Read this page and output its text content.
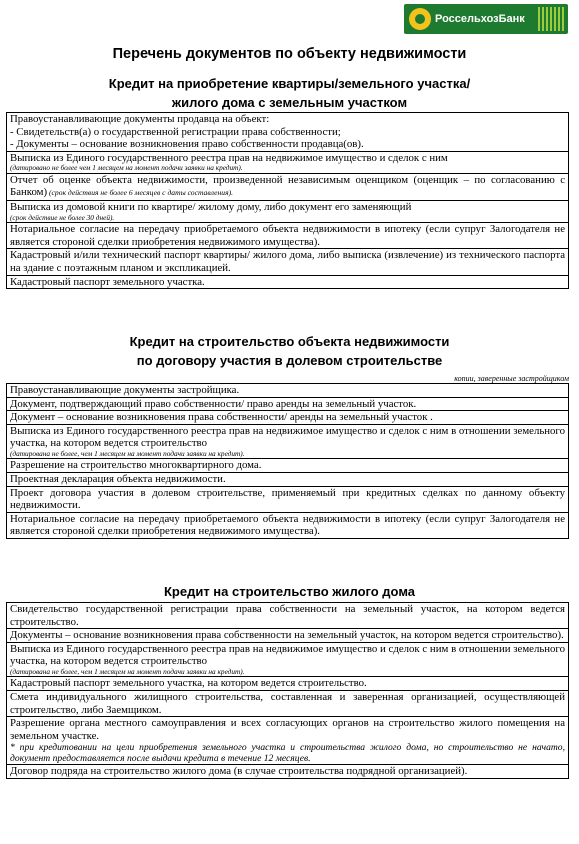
РоссельхозБанк
Перечень документов по объекту недвижимости
Кредит на приобретение квартиры/земельного участка/
жилого дома с земельным участком
Правоустанавливающие документы продавца на объект:
- Свидетельств(а) о государственной регистрации права собственности;
- Документы – основание возникновения право собственности продавца(ов).

Выписка из Единого государственного реестра прав на недвижимое имущество и сделок с ним
(датировано не более чем 1 месяцем на момент подачи заявки на кредит).

Отчет об оценке объекта недвижимости, произведенной независимым оценщиком (оценщик – по согласованию с Банком) (срок действия не более 6 месяцев с даты составления).

Выписка из домовой книги по квартире/ жилому дому, либо документ его заменяющий
(срок действие не более 30 дней).

Нотариальное согласие на передачу приобретаемого объекта недвижимости в ипотеку (если супруг Залогодателя не является стороной сделки приобретения недвижимого имущества).
Кадастровый и/или технический паспорт квартиры/ жилого дома, либо выписка (извлечение) из технического паспорта на здание с поэтажным планом и экспликацией.
Кадастровый паспорт земельного участка.
Кредит на строительство объекта недвижимости
по договору участия в долевом строительстве
копии, заверенные застройщиком
Правоустанавливающие документы застройщика.
Документ, подтверждающий право собственности/ право аренды на земельный участок.
Документ – основание возникновения права собственности/ аренды на земельный участок .

Выписка из Единого государственного реестра прав на недвижимое имущество и сделок с ним в отношении земельного участка, на котором ведется строительство
(датирована не более, чем 1 месяцем на момент подачи заявки на кредит).

Разрешение на строительство многоквартирного дома.
Проектная декларация объекта недвижимости.
Проект договора участия в долевом строительстве, применяемый при кредитных сделках по данному объекту недвижимости.
Нотариальное согласие на передачу приобретаемого объекта недвижимости в ипотеку (если супруг Залогодателя не является стороной сделки приобретения недвижимого имущества).
Кредит на строительство жилого дома
Свидетельство государственной регистрации права собственности на земельный участок, на котором ведется строительство.
Документы – основание возникновения права собственности на земельный участок, на котором ведется строительство).

Выписка из Единого государственного реестра прав на недвижимое имущество и сделок с ним в отношении земельного участка, на котором ведется строительство
(датирована не более, чем 1 месяцем на момент подачи заявки на кредит).

Кадастровый паспорт земельного участка, на котором ведется строительство.
Смета индивидуального жилищного строительства, составленная и заверенная организацией, осуществляющей строительство, либо Заемщиком.

Разрешение органа местного самоуправления и всех согласующих органов на строительство жилого помещения на земельном участке.
* при кредитовании на цели приобретения земельного участка и строительства жилого дома, но строительство не начато, документ предоставляется после выдачи кредита в течение 12 месяцев.

Договор подряда на строительство жилого дома (в случае строительства подрядной организацией).
